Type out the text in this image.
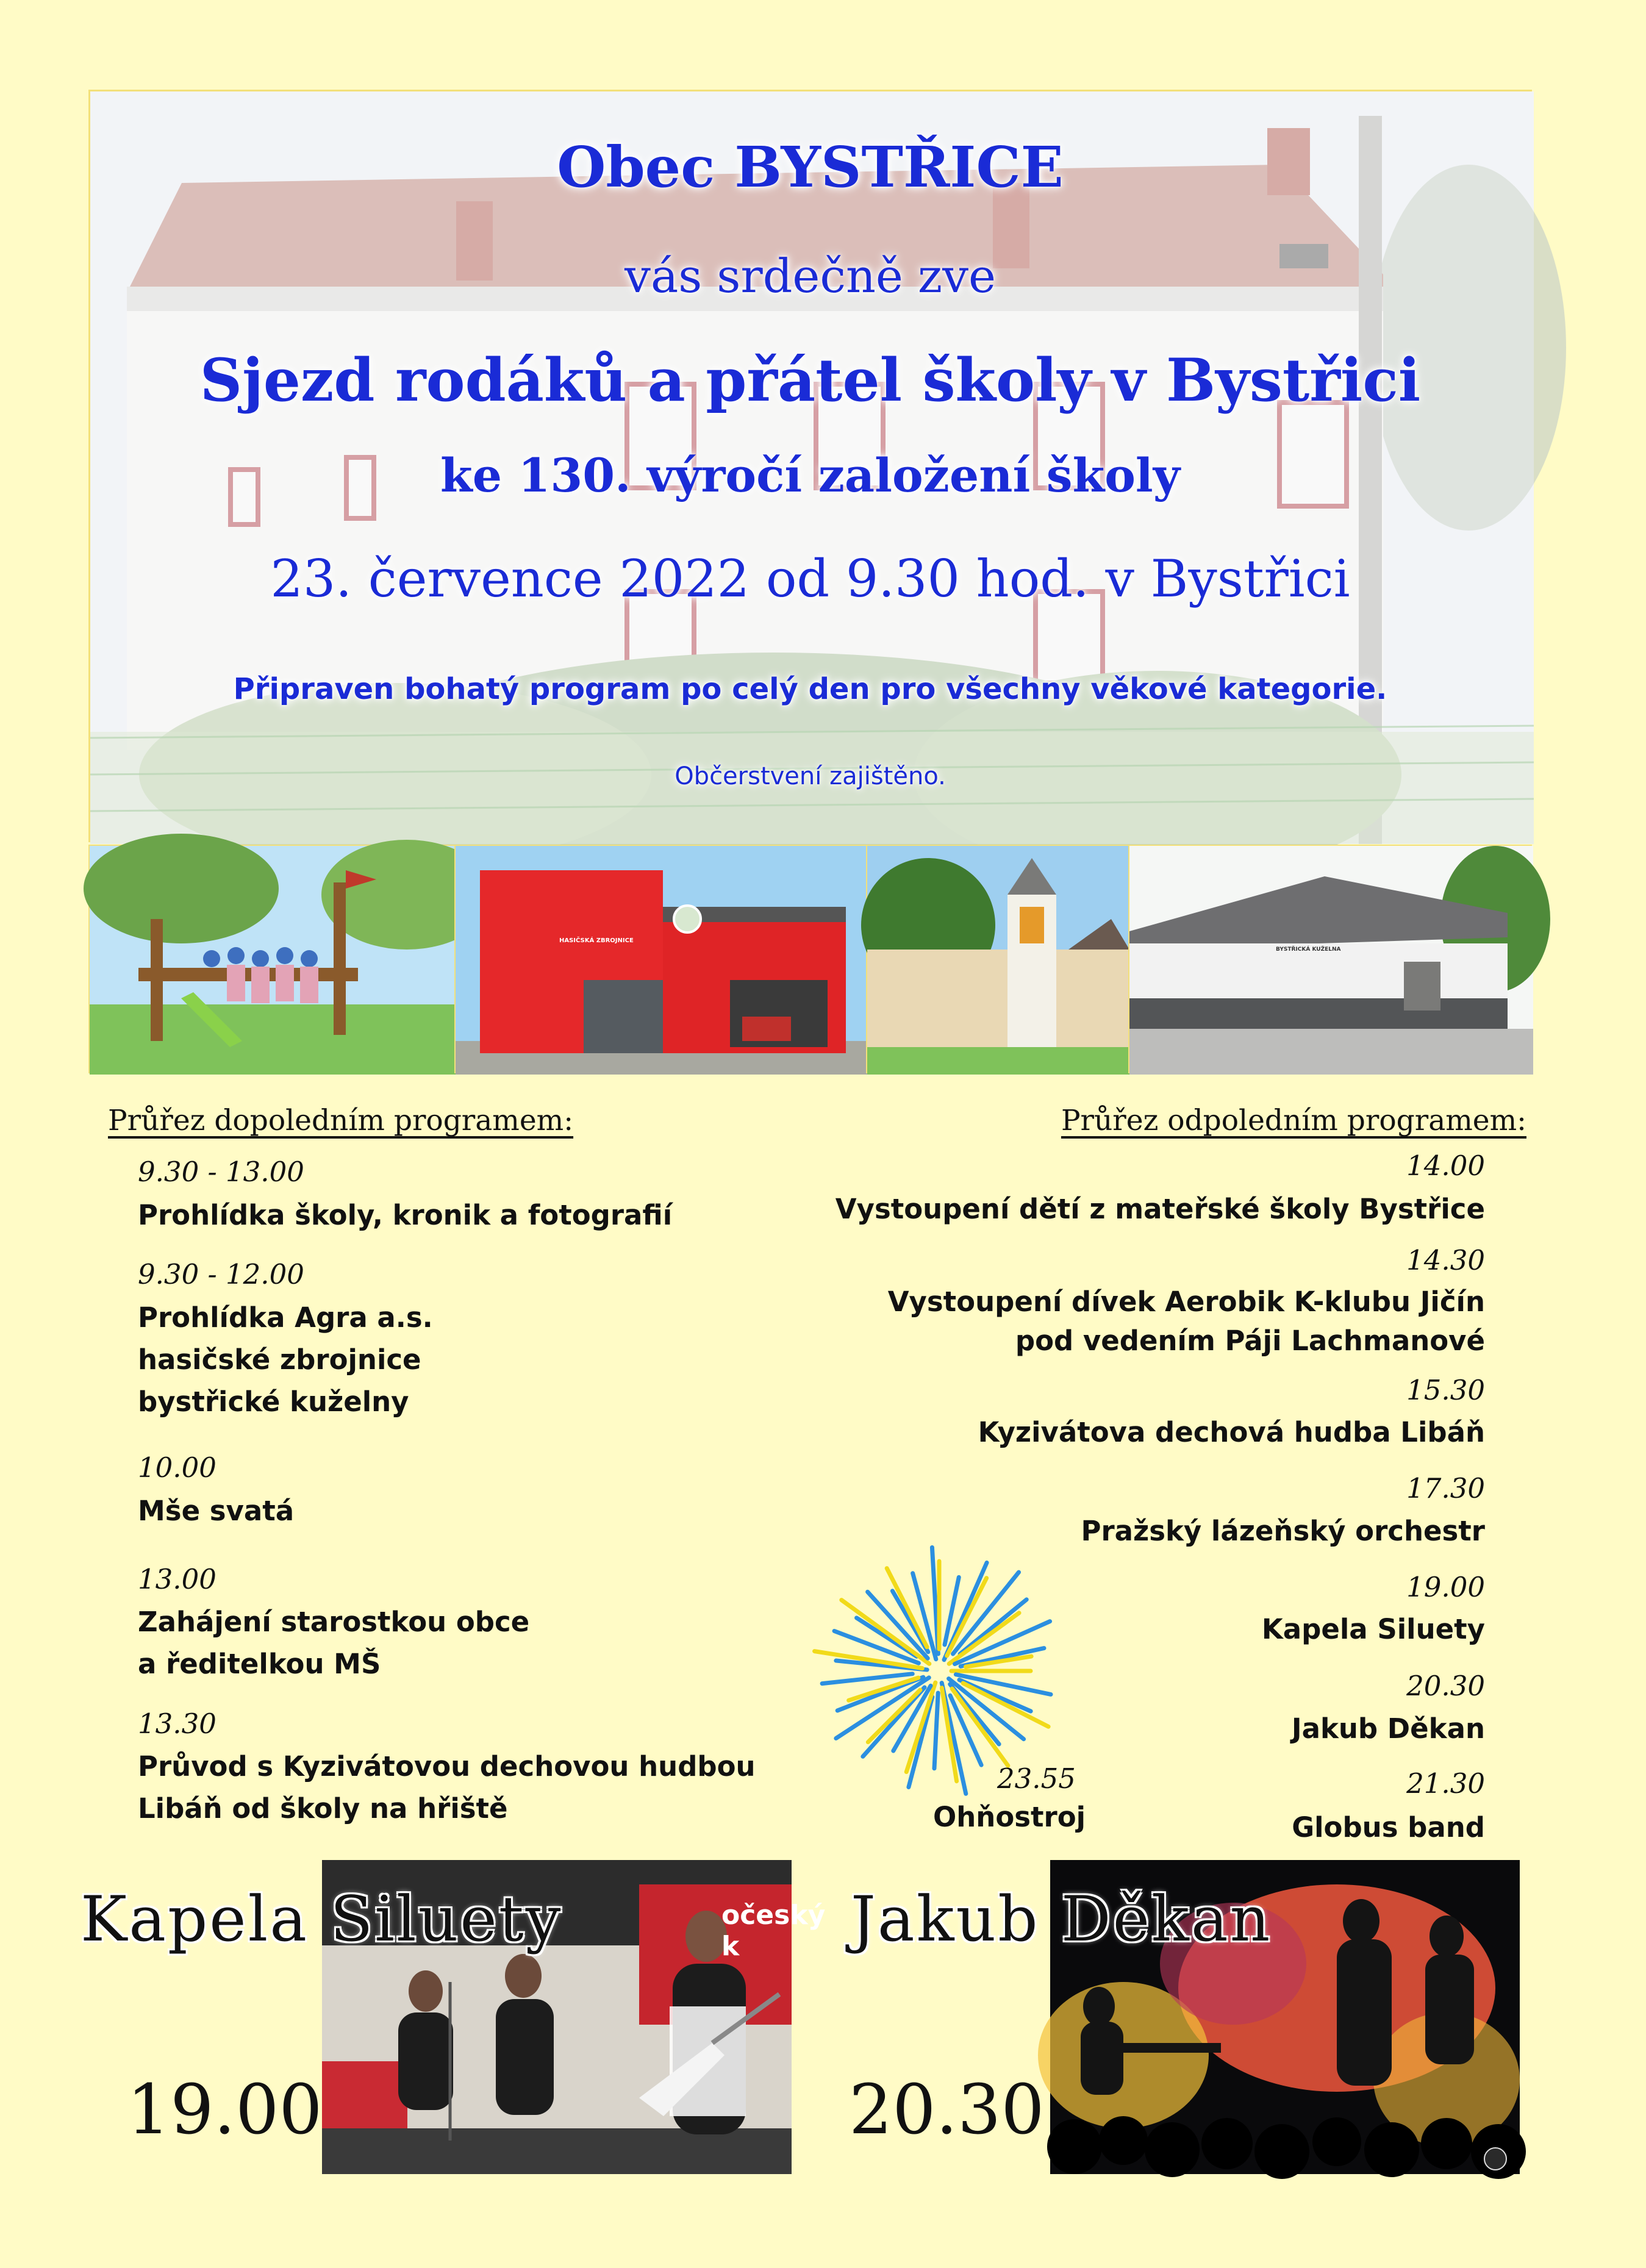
Obec BYSTŘICE
vás srdečně zve
Sjezd rodáků a přátel školy v Bystřici
ke 130. výročí založení školy
23. července 2022 od 9.30 hod. v Bystřici
Připraven bohatý program po celý den pro všechny věkové kategorie.
Občerstvení zajištěno.
HASIČSKÁ ZBROJNICE
BYSTŘICKÁ KUŽELNA
Průřez dopoledním programem:
9.30 - 13.00
Prohlídka školy, kronik a fotografií
9.30 - 12.00
Prohlídka Agra a.s.
hasičské zbrojnice
bystřické kuželny
10.00
Mše svatá
13.00
Zahájení starostkou obce
a ředitelkou MŠ
13.30
Průvod s Kyzivátovou dechovou hudbou
Libáň od školy na hřiště
Průřez odpoledním programem:
14.00
Vystoupení dětí z mateřské školy Bystřice
14.30
Vystoupení dívek Aerobik K-klubu Jičín
pod vedením Páji Lachmanové
15.30
Kyzivátova dechová hudba Libáň
17.30
Pražský lázeňský orchestr
19.00
Kapela Siluety
20.30
Jakub Děkan
21.30
Globus band
23.55
Ohňostroj
očeský k
Kapela Siluety
19.00
Jakub Děkan
20.30
